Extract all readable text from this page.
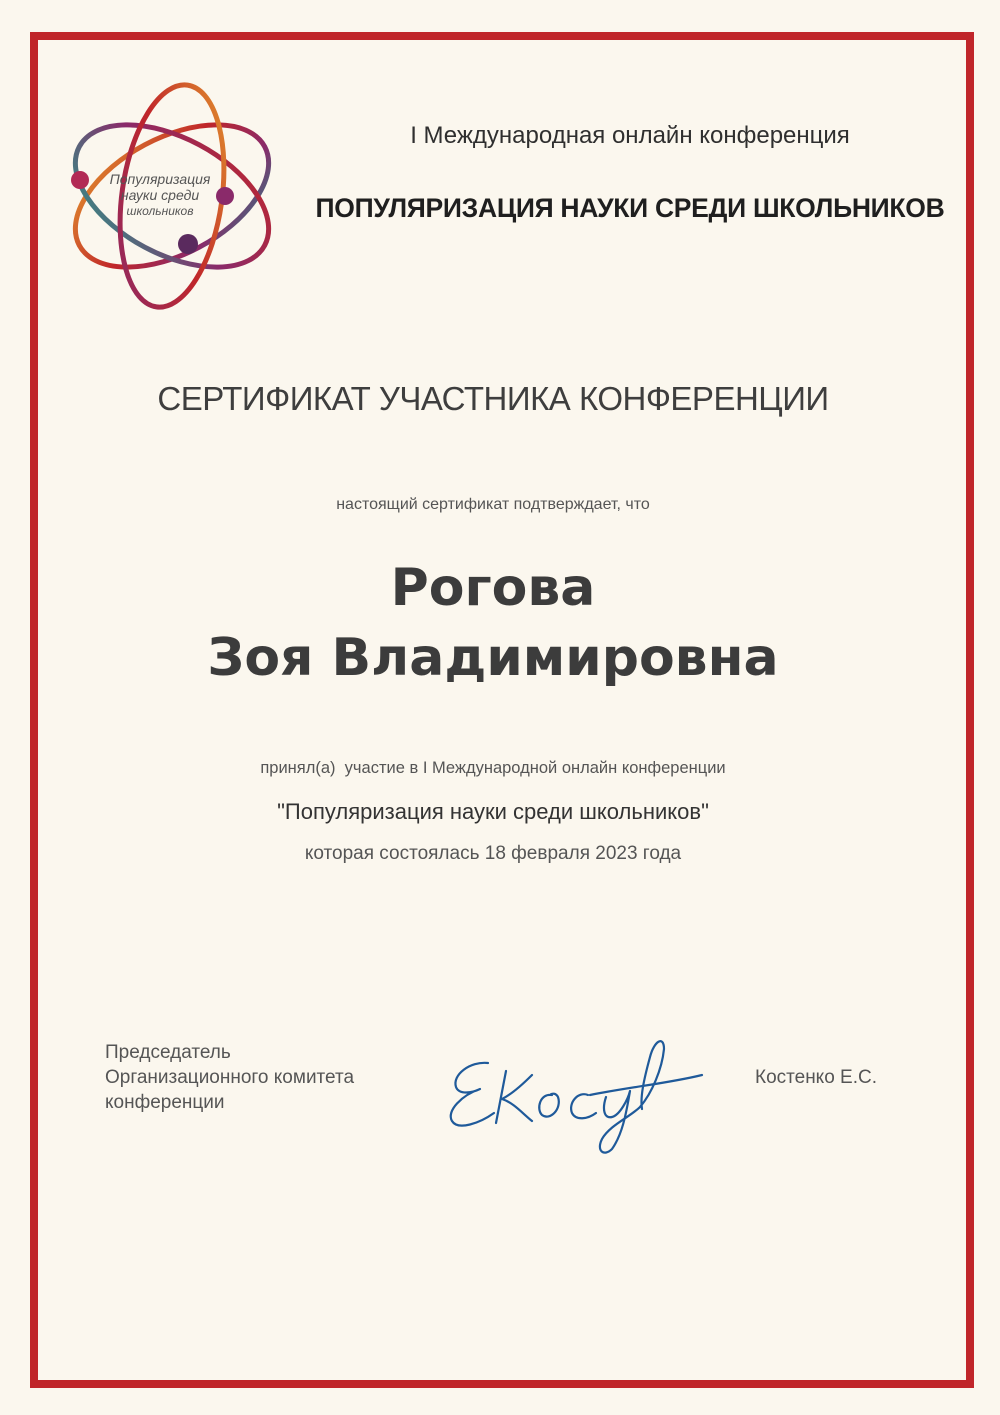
Популяризация
науки среди
школьников
I Международная онлайн конференция
ПОПУЛЯРИЗАЦИЯ НАУКИ СРЕДИ ШКОЛЬНИКОВ
СЕРТИФИКАТ УЧАСТНИКА КОНФЕРЕНЦИИ
настоящий сертификат подтверждает, что
Рогова
Зоя Владимировна
принял(а)  участие в I Международной онлайн конференции
"Популяризация науки среди школьников"
которая состоялась 18 февраля 2023 года
Председатель
Организационного комитета
конференции
Костенко Е.С.
